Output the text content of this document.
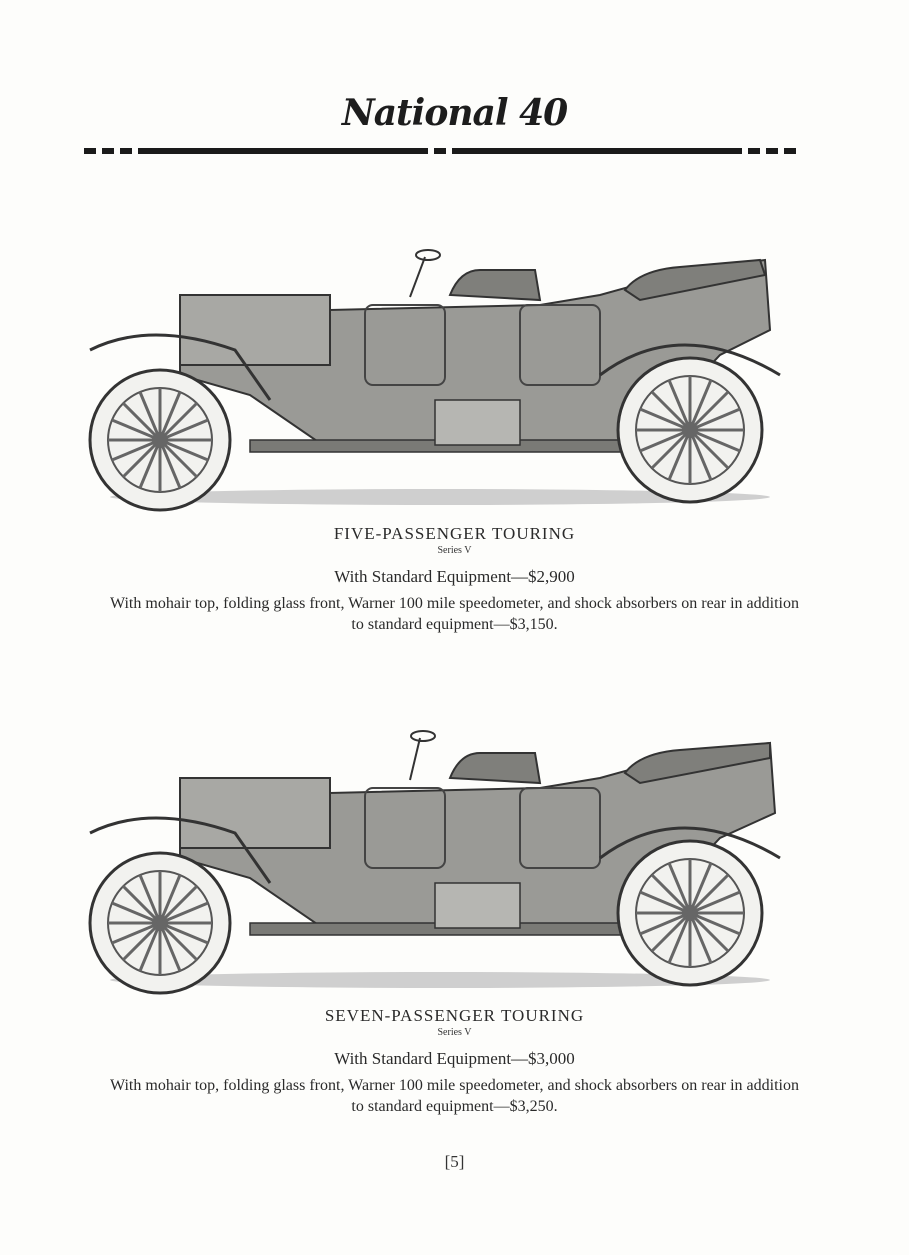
National 40
FIVE-PASSENGER TOURING
Series V
With Standard Equipment—$2,900
With mohair top, folding glass front, Warner 100 mile speedometer, and shock absorbers on rear in addition to standard equipment—$3,150.
SEVEN-PASSENGER TOURING
Series V
With Standard Equipment—$3,000
With mohair top, folding glass front, Warner 100 mile speedometer, and shock absorbers on rear in addition to standard equipment—$3,250.
[5]
